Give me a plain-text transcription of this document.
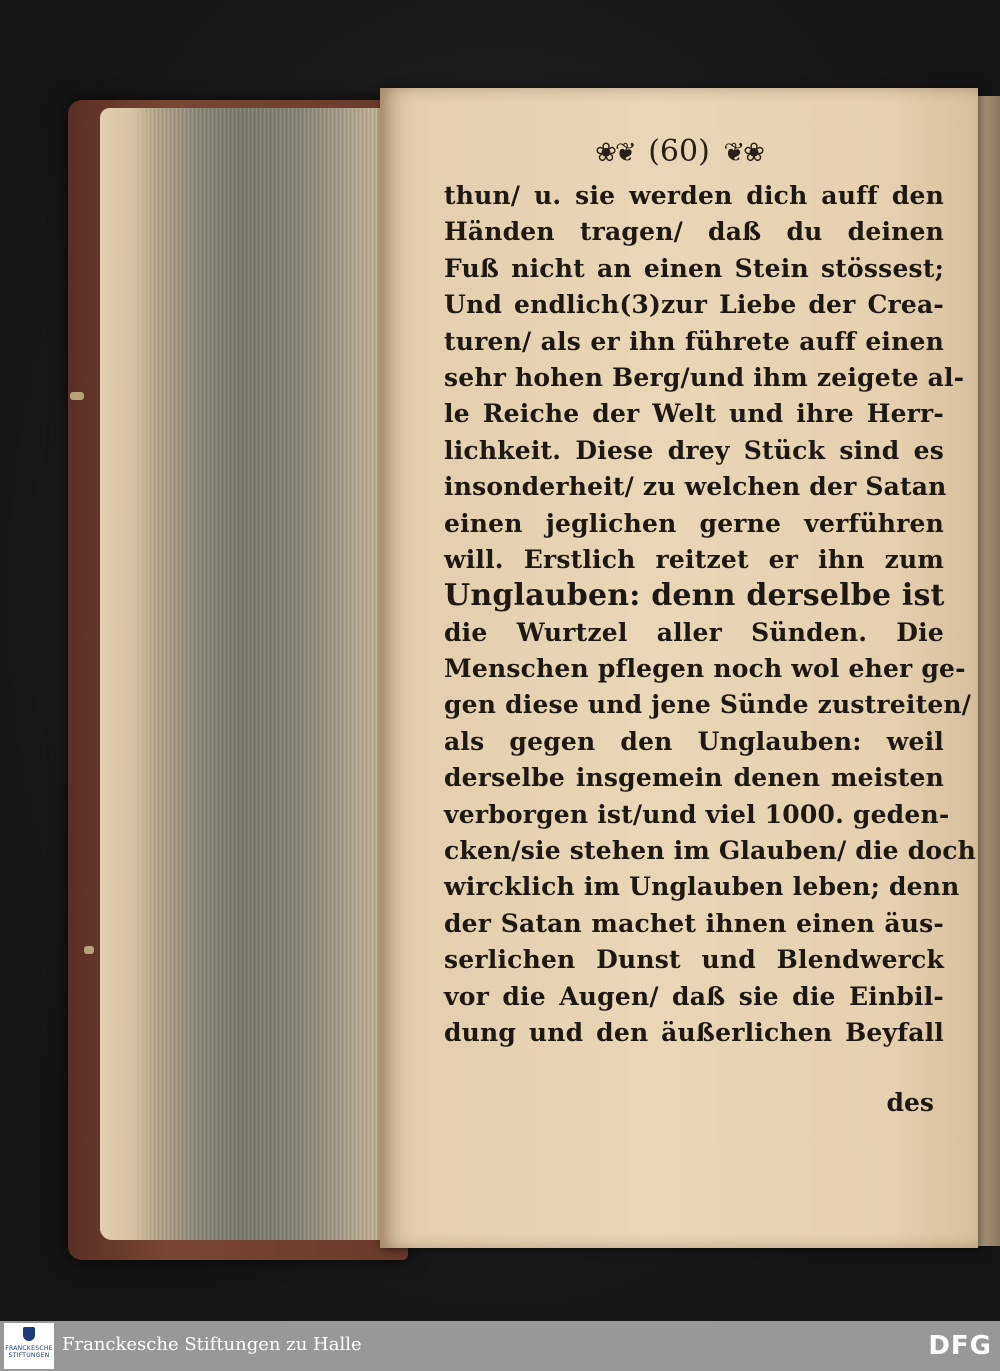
❀❦ (60) ❦❀
thun/ u. sie werden dich auff den
Händen tragen/ daß du deinen
Fuß nicht an einen Stein stössest;
Und endlich(3)zur Liebe der Crea-
turen/ als er ihn führete auff einen
sehr hohen Berg/und ihm zeigete al-
le Reiche der Welt und ihre Herr-
lichkeit. Diese drey Stück sind es
insonderheit/ zu welchen der Satan
einen jeglichen gerne verführen
will. Erstlich reitzet er ihn zum
Unglauben: denn derselbe ist
die Wurtzel aller Sünden. Die
Menschen pflegen noch wol eher ge-
gen diese und jene Sünde zustreiten/
als gegen den Unglauben: weil
derselbe insgemein denen meisten
verborgen ist/und viel 1000. geden-
cken/sie stehen im Glauben/ die doch
wircklich im Unglauben leben; denn
der Satan machet ihnen einen äus-
serlichen Dunst und Blendwerck
vor die Augen/ daß sie die Einbil-
dung und den äußerlichen Beyfall
des
FRANCKESCHE
STIFTUNGEN
Franckesche Stiftungen zu Halle	DFG
